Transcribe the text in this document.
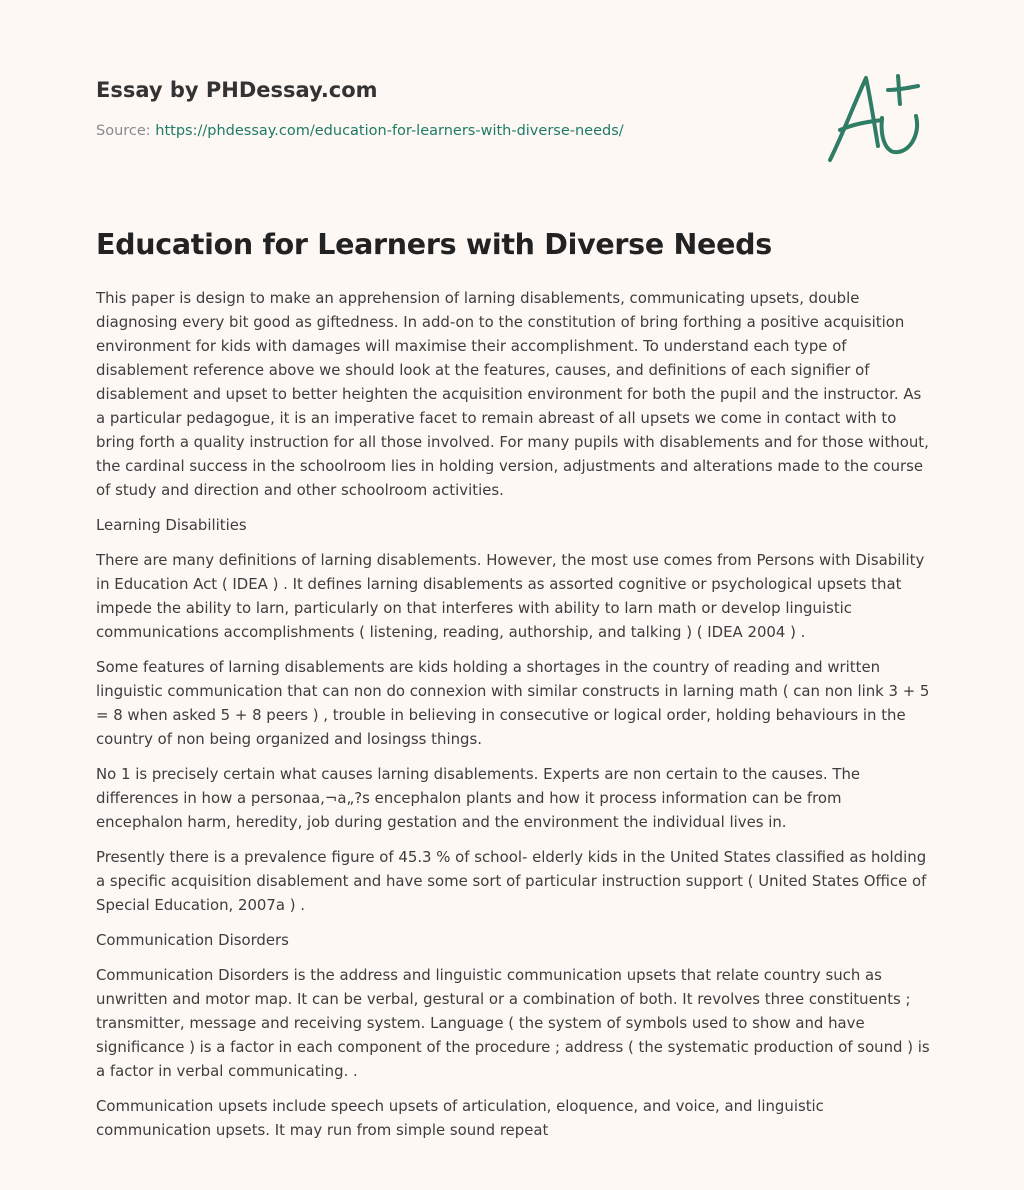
Essay by PHDessay.com
Source: https://phdessay.com/education-for-learners-with-diverse-needs/
Education for Learners with Diverse Needs

This paper is design to make an apprehension of larning disablements, communicating upsets, double diagnosing every bit good as giftedness. In add-on to the constitution of bring forthing a positive acquisition environment for kids with damages will maximise their accomplishment. To understand each type of disablement reference above we should look at the features, causes, and definitions of each signifier of disablement and upset to better heighten the acquisition environment for both the pupil and the instructor. As a particular pedagogue, it is an imperative facet to remain abreast of all upsets we come in contact with to bring forth a quality instruction for all those involved. For many pupils with disablements and for those without, the cardinal success in the schoolroom lies in holding version, adjustments and alterations made to the course of study and direction and other schoolroom activities.

Learning Disabilities

There are many definitions of larning disablements. However, the most use comes from Persons with Disability in Education Act ( IDEA ) . It defines larning disablements as assorted cognitive or psychological upsets that impede the ability to larn, particularly on that interferes with ability to larn math or develop linguistic communications accomplishments ( listening, reading, authorship, and talking ) ( IDEA 2004 ) .

Some features of larning disablements are kids holding a shortages in the country of reading and written linguistic communication that can non do connexion with similar constructs in larning math ( can non link 3 + 5 = 8 when asked 5 + 8 peers ) , trouble in believing in consecutive or logical order, holding behaviours in the country of non being organized and losingss things.

No 1 is precisely certain what causes larning disablements. Experts are non certain to the causes. The differences in how a personaa,¬a„?s encephalon plants and how it process information can be from encephalon harm, heredity, job during gestation and the environment the individual lives in.

Presently there is a prevalence figure of 45.3 % of school- elderly kids in the United States classified as holding a specific acquisition disablement and have some sort of particular instruction support ( United States Office of Special Education, 2007a ) .

Communication Disorders

Communication Disorders is the address and linguistic communication upsets that relate country such as unwritten and motor map. It can be verbal, gestural or a combination of both. It revolves three constituents ; transmitter, message and receiving system. Language ( the system of symbols used to show and have significance ) is a factor in each component of the procedure ; address ( the systematic production of sound ) is a factor in verbal communicating. .

Communication upsets include speech upsets of articulation, eloquence, and voice, and linguistic communication upsets. It may run from simple sound repeat
